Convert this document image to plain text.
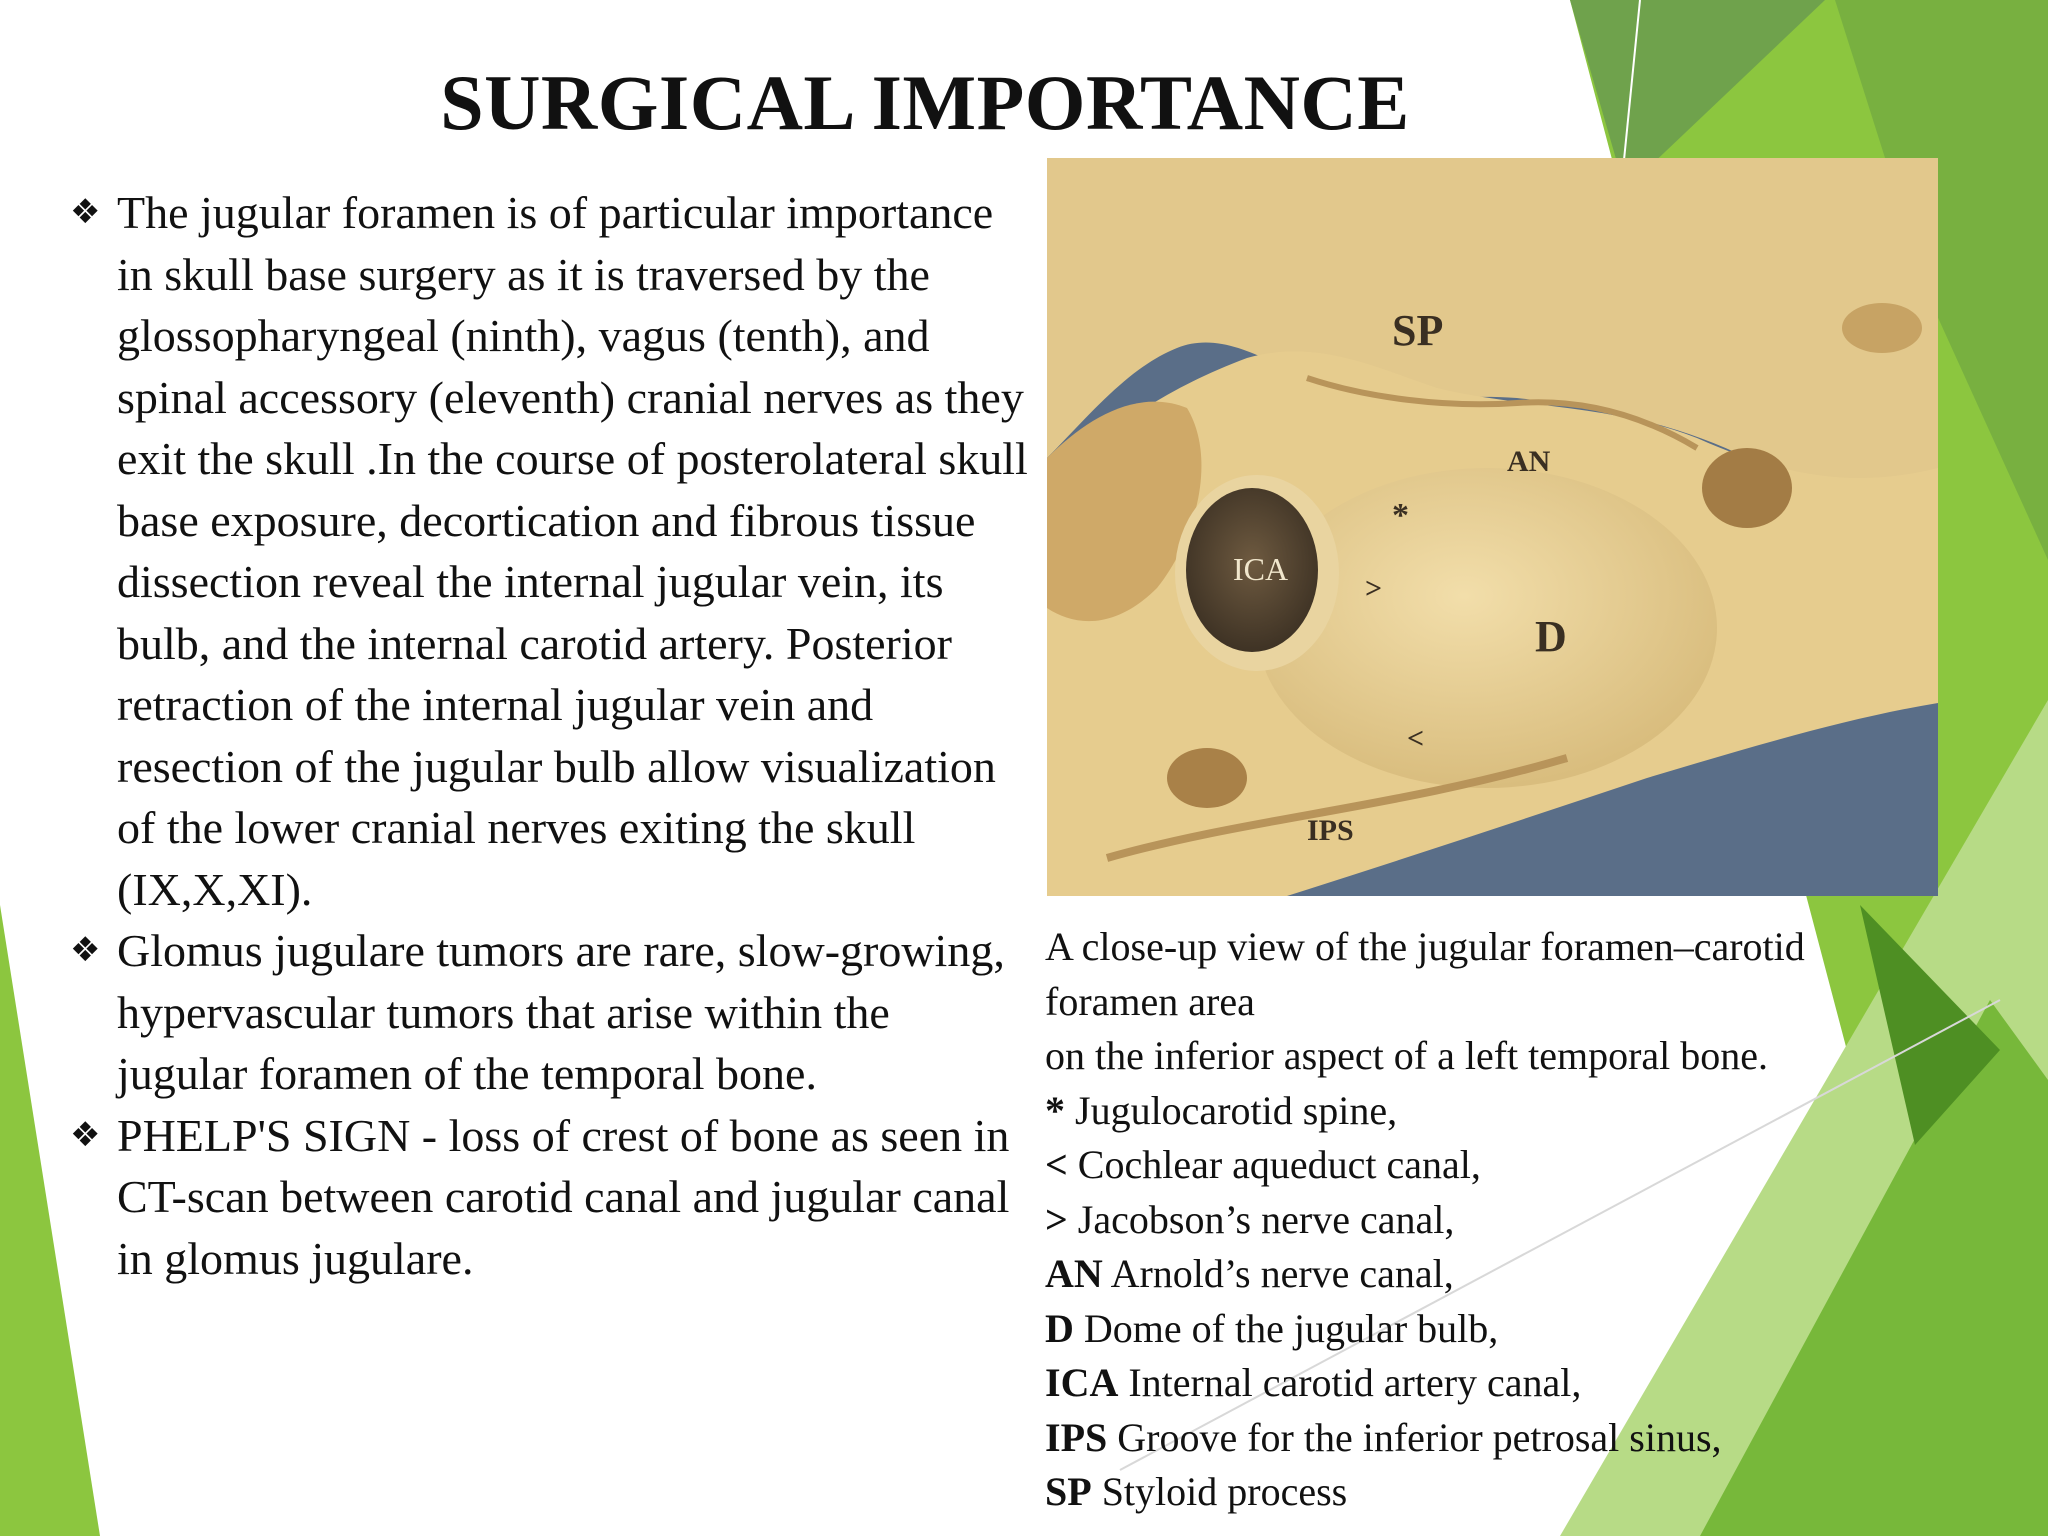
SURGICAL IMPORTANCE
❖ The jugular foramen is of particular importance in skull base surgery as it is traversed by the glossopharyngeal (ninth), vagus (tenth), and spinal accessory (eleventh) cranial nerves as they exit the skull .In the course of posterolateral skull base exposure, decortication and fibrous tissue dissection reveal the internal jugular vein, its bulb, and the internal carotid artery. Posterior retraction of the internal jugular vein and resection of the jugular bulb allow visualization of the lower cranial nerves exiting the skull (IX,X,XI).
❖ Glomus jugulare tumors are rare, slow-growing, hypervascular tumors that arise within the jugular foramen of the temporal bone.
❖ PHELP'S SIGN - loss of crest of bone as seen in CT-scan between carotid canal and jugular canal in glomus jugulare.
SP
AN
*
ICA
>
D
<
IPS

A close-up view of the jugular foramen–carotid
foramen area
on the inferior aspect of a left temporal bone.
* Jugulocarotid spine,
< Cochlear aqueduct canal,
> Jacobson’s nerve canal,
AN Arnold’s nerve canal,
D Dome of the jugular bulb,
ICA Internal carotid artery canal,
IPS Groove for the inferior petrosal sinus,
SP Styloid process
